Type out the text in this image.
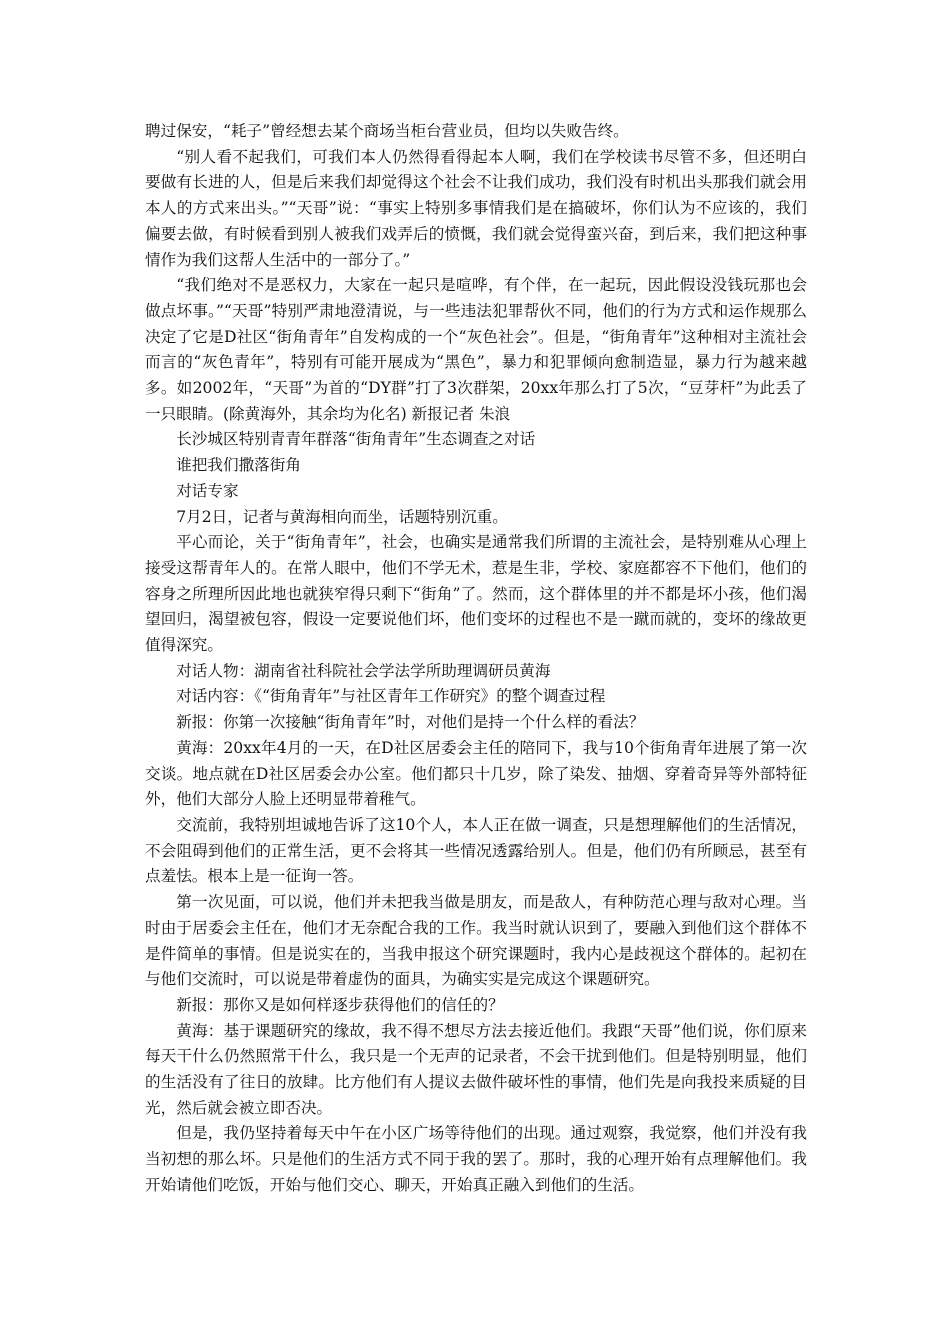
聘过保安，“耗子”曾经想去某个商场当柜台营业员，但均以失败告终。

“别人看不起我们，可我们本人仍然得看得起本人啊，我们在学校读书尽管不多，但还明白要做有长进的人，但是后来我们却觉得这个社会不让我们成功，我们没有时机出头那我们就会用本人的方式来出头。”“天哥”说：“事实上特别多事情我们是在搞破坏，你们认为不应该的，我们偏要去做，有时候看到别人被我们戏弄后的愤慨，我们就会觉得蛮兴奋，到后来，我们把这种事情作为我们这帮人生活中的一部分了。”

“我们绝对不是恶权力，大家在一起只是喧哗，有个伴，在一起玩，因此假设没钱玩那也会做点坏事。”“天哥”特别严肃地澄清说，与一些违法犯罪帮伙不同，他们的行为方式和运作规那么决定了它是D社区“街角青年”自发构成的一个“灰色社会”。但是，“街角青年”这种相对主流社会而言的“灰色青年”，特别有可能开展成为“黑色”，暴力和犯罪倾向愈制造显，暴力行为越来越多。如2002年，“天哥”为首的“DY群”打了3次群架，20xx年那么打了5次，“豆芽杆”为此丢了一只眼睛。(除黄海外，其余均为化名) 新报记者 朱浪

长沙城区特别青青年群落“街角青年”生态调查之对话

谁把我们撒落街角

对话专家

7月2日，记者与黄海相向而坐，话题特别沉重。

平心而论，关于“街角青年”，社会，也确实是通常我们所谓的主流社会，是特别难从心理上接受这帮青年人的。在常人眼中，他们不学无术，惹是生非，学校、家庭都容不下他们，他们的容身之所理所因此地也就狭窄得只剩下“街角”了。然而，这个群体里的并不都是坏小孩，他们渴望回归，渴望被包容，假设一定要说他们坏，他们变坏的过程也不是一蹴而就的，变坏的缘故更值得深究。

对话人物：湖南省社科院社会学法学所助理调研员黄海

对话内容：《“街角青年”与社区青年工作研究》的整个调查过程

新报：你第一次接触“街角青年”时，对他们是持一个什么样的看法？

黄海：20xx年4月的一天，在D社区居委会主任的陪同下，我与10个街角青年进展了第一次交谈。地点就在D社区居委会办公室。他们都只十几岁，除了染发、抽烟、穿着奇异等外部特征外，他们大部分人脸上还明显带着稚气。

交流前，我特别坦诚地告诉了这10个人，本人正在做一调查，只是想理解他们的生活情况，不会阻碍到他们的正常生活，更不会将其一些情况透露给别人。但是，他们仍有所顾忌，甚至有点羞怯。根本上是一征询一答。

第一次见面，可以说，他们并未把我当做是朋友，而是敌人，有种防范心理与敌对心理。当时由于居委会主任在，他们才无奈配合我的工作。我当时就认识到了，要融入到他们这个群体不是件简单的事情。但是说实在的，当我申报这个研究课题时，我内心是歧视这个群体的。起初在与他们交流时，可以说是带着虚伪的面具，为确实实是完成这个课题研究。

新报：那你又是如何样逐步获得他们的信任的？

黄海：基于课题研究的缘故，我不得不想尽方法去接近他们。我跟“天哥”他们说，你们原来每天干什么仍然照常干什么，我只是一个无声的记录者，不会干扰到他们。但是特别明显，他们的生活没有了往日的放肆。比方他们有人提议去做件破坏性的事情，他们先是向我投来质疑的目光，然后就会被立即否决。

但是，我仍坚持着每天中午在小区广场等待他们的出现。通过观察，我觉察，他们并没有我当初想的那么坏。只是他们的生活方式不同于我的罢了。那时，我的心理开始有点理解他们。我开始请他们吃饭，开始与他们交心、聊天，开始真正融入到他们的生活。
